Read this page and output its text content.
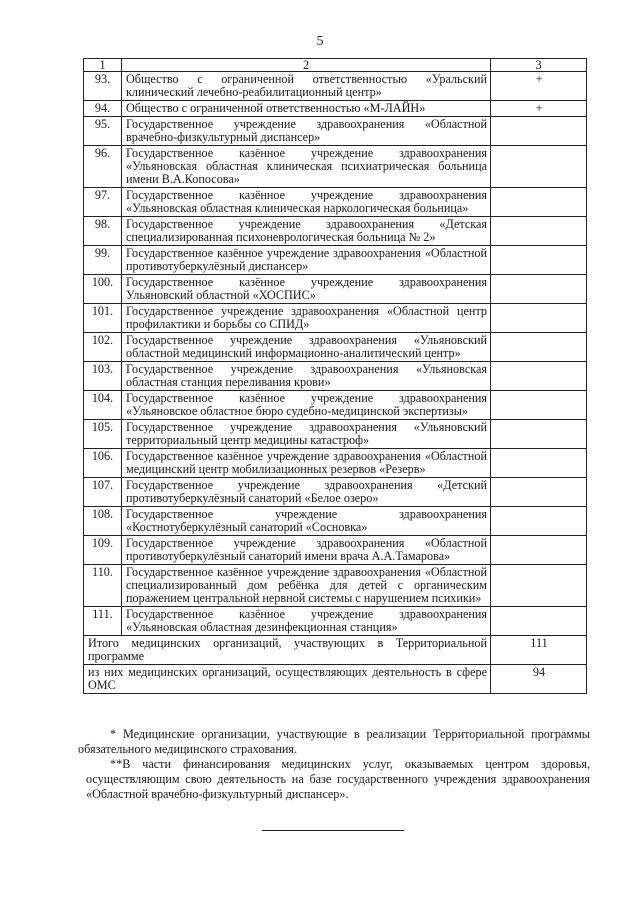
5
1	2	3
93.	Общество с ограниченной ответственностью «Уральский клинический лечебно-реабилитационный центр»	+
94.	Общество с ограниченной ответственностью «М-ЛАЙН»	+
95.	Государственное учреждение здравоохранения «Областной врачебно-физкультурный диспансер»	
96.	Государственное казённое учреждение здравоохранения «Ульяновская областная клиническая психиатрическая больница имени В.А.Копосова»	
97.	Государственное казённое учреждение здравоохранения «Ульяновская областная клиническая наркологическая больница»	
98.	Государственное учреждение здравоохранения «Детская специализированная психоневрологическая больница № 2»	
99.	Государственное казённое учреждение здравоохранения «Областной противотуберкулёзный диспансер»	
100.	Государственное казённое учреждение здравоохранения Ульяновский областной «ХОСПИС»	
101.	Государственное учреждение здравоохранения «Областной центр профилактики и борьбы со СПИД»	
102.	Государственное учреждение здравоохранения «Ульяновский областной медицинский информационно-аналитический центр»	
103.	Государственное учреждение здравоохранения «Ульяновская областная станция переливания крови»	
104.	Государственное казённое учреждение здравоохранения «Ульяновское областное бюро судебно-медицинской экспертизы»	
105.	Государственное учреждение здравоохранения «Ульяновский территориальный центр медицины катастроф»	
106.	Государственное казённое учреждение здравоохранения «Областной медицинский центр мобилизационных резервов «Резерв»	
107.	Государственное учреждение здравоохранения «Детский противотуберкулёзный санаторий «Белое озеро»	
108.	Государственное учреждение здравоохранения «Костнотуберкулёзный санаторий «Сосновка»	
109.	Государственное учреждение здравоохранения «Областной противотуберкулёзный санаторий имени врача А.А.Тамарова»	
110.	Государственное казённое учреждение здравоохранения «Областной специализированный дом ребёнка для детей с органическим поражением центральной нервной системы с нарушением психики»	
111.	Государственное казённое учреждение здравоохранения «Ульяновская областная дезинфекционная станция»	
Итого медицинских организаций, участвующих в Территориальной программе		111
из них медицинских организаций, осуществляющих деятельность в сфере ОМС		94

* Медицинские организации, участвующие в реализации Территориальной программы обязательного медицинского страхования.

**В части финансирования медицинских услуг, оказываемых центром здоровья, осуществляющим свою деятельность на базе государственного учреждения здравоохранения «Областной врачебно-физкультурный диспансер».
